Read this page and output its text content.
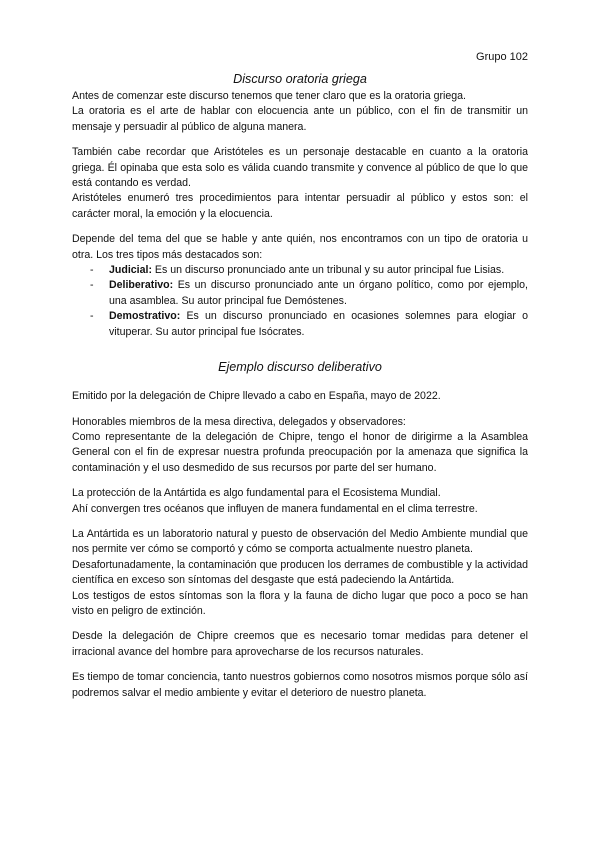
Grupo 102

Discurso oratoria griega

Antes de comenzar este discurso tenemos que tener claro que es la oratoria griega.

La oratoria es el arte de hablar con elocuencia ante un público, con el fin de transmitir un mensaje y persuadir al público de alguna manera.

También cabe recordar que Aristóteles es un personaje destacable en cuanto a la oratoria griega. Él opinaba que esta solo es válida cuando transmite y convence al público de que lo que está contando es verdad.

Aristóteles enumeró tres procedimientos para intentar persuadir al público y estos son: el carácter moral, la emoción y la elocuencia.

Depende del tema del que se hable y ante quién, nos encontramos con un tipo de oratoria u otra. Los tres tipos más destacados son:

- Judicial: Es un discurso pronunciado ante un tribunal y su autor principal fue Lisias.
- Deliberativo: Es un discurso pronunciado ante un órgano político, como por ejemplo, una asamblea. Su autor principal fue Demóstenes.
- Demostrativo: Es un discurso pronunciado en ocasiones solemnes para elogiar o vituperar. Su autor principal fue Isócrates.

Ejemplo discurso deliberativo

Emitido por la delegación de Chipre llevado a cabo en España, mayo de 2022.

Honorables miembros de la mesa directiva, delegados y observadores:

Como representante de la delegación de Chipre, tengo el honor de dirigirme a la Asamblea General con el fin de expresar nuestra profunda preocupación por la amenaza que significa la contaminación y el uso desmedido de sus recursos por parte del ser humano.

La protección de la Antártida es algo fundamental para el Ecosistema Mundial.

Ahí convergen tres océanos que influyen de manera fundamental en el clima terrestre.

La Antártida es un laboratorio natural y puesto de observación del Medio Ambiente mundial que nos permite ver cómo se comportó y cómo se comporta actualmente nuestro planeta.

Desafortunadamente, la contaminación que producen los derrames de combustible y la actividad científica en exceso son síntomas del desgaste que está padeciendo la Antártida.

Los testigos de estos síntomas son la flora y la fauna de dicho lugar que poco a poco se han visto en peligro de extinción.

Desde la delegación de Chipre creemos que es necesario tomar medidas para detener el irracional avance del hombre para aprovecharse de los recursos naturales.

Es tiempo de tomar conciencia, tanto nuestros gobiernos como nosotros mismos porque sólo así podremos salvar el medio ambiente y evitar el deterioro de nuestro planeta.
